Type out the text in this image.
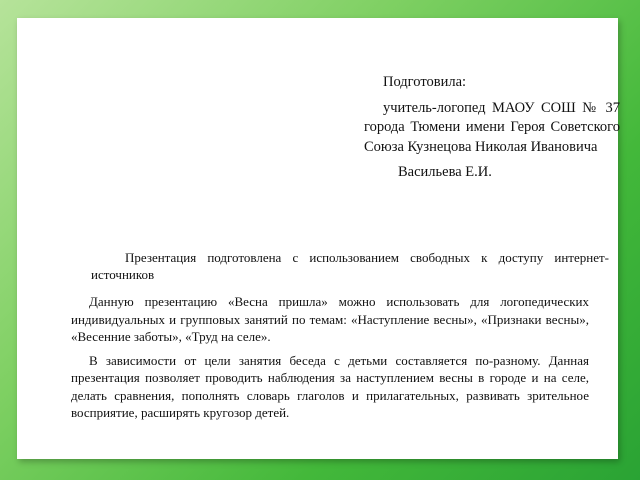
Подготовила:

учитель-логопед МАОУ СОШ № 37 города Тюмени имени Героя Советского Союза Кузнецова Николая Ивановича

Васильева Е.И.

Презентация подготовлена с использованием свободных к доступу интернет-

источников

Данную презентацию «Весна пришла» можно использовать для логопедических индивидуальных и групповых занятий по темам: «Наступление весны», «Признаки весны», «Весенние заботы», «Труд на селе».

В зависимости от цели занятия беседа с детьми составляется по-разному. Данная презентация позволяет проводить наблюдения за наступлением весны в городе и на селе, делать сравнения, пополнять словарь глаголов и прилагательных, развивать зрительное восприятие, расширять кругозор детей.
